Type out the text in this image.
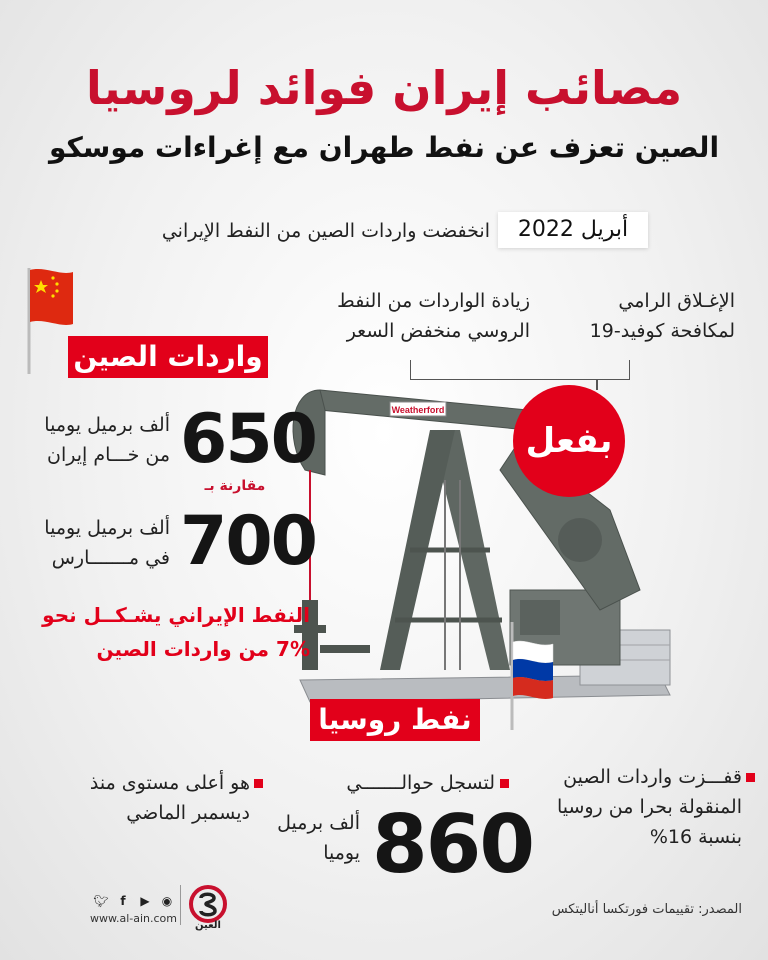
مصائب إيران فوائد لروسيا
الصين تعزف عن نفط طهران مع إغراءات موسكو
أبريل 2022
انخفضت واردات الصين من النفط الإيراني
الإغـلاق الرامي
لمكافحة كوفيد-19
زيادة الواردات من النفط
الروسي منخفض السعر
Weatherford
بفعل
واردات الصين
650
ألف برميل يوميا
من خـــام إيران
مقارنة بـ
700
ألف برميل يوميا
في مـــــــارس
النفط الإيراني يشـكــل نحو
7% من واردات الصين
نفط روسيا
قفـــزت واردات الصين
المنقولة بحرا من روسيا
بنسبة 16%
لتسجل حوالـــــــي
860
ألف برميل
يوميا
هو أعلى مستوى منذ
ديسمبر الماضي
المصدر: تقييمات فورتكسا أناليتكس
🐦︎ f	▶	◉
www.al-ain.com
العين
